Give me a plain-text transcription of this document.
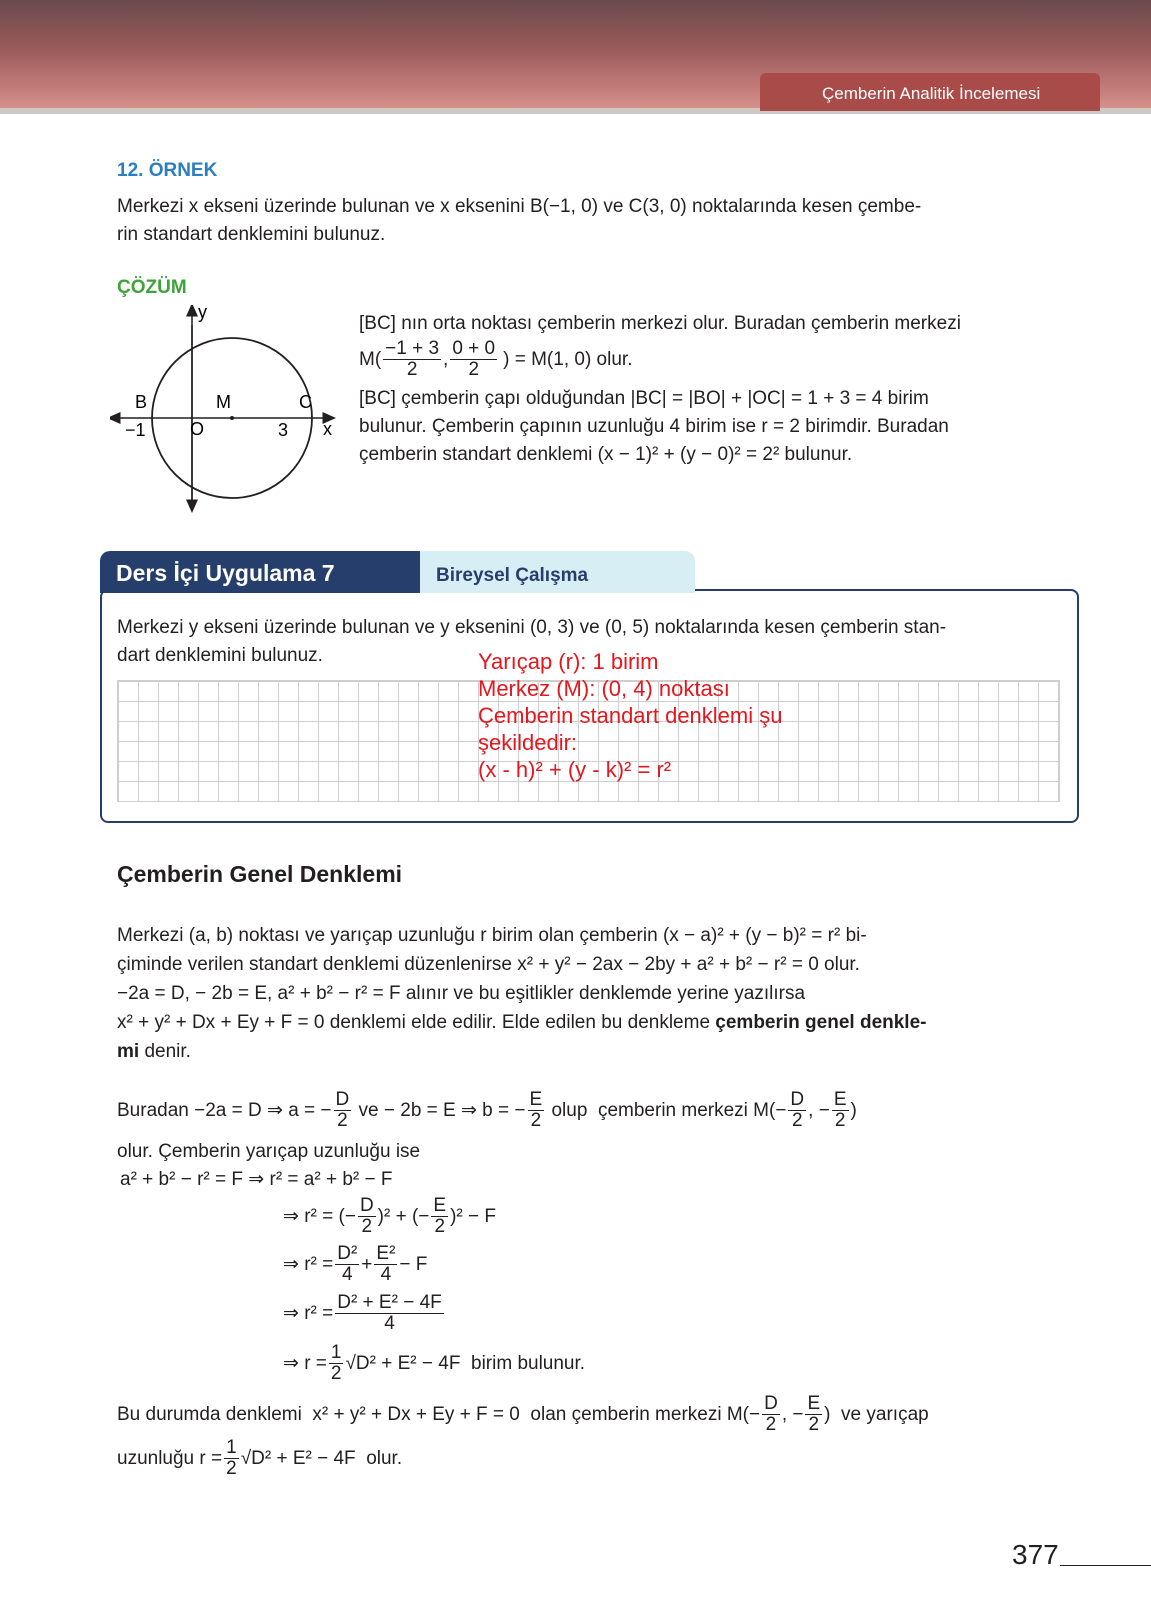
Çemberin Analitik İncelemesi
12. ÖRNEK
Merkezi x ekseni üzerinde bulunan ve x eksenini B(−1, 0) ve C(3, 0) noktalarında kesen çembe-
rin standart denklemini bulunuz.
ÇÖZÜM
y
x
B	M	C
O
−1	3
[BC] nın orta noktası çemberin merkezi olur. Buradan çemberin merkezi
$M( \frac{-1 + 3}{2}$ , $\frac{0 + 0}{2}$ ) = M(1, 0) olur.
[BC] çemberin çapı olduğundan |BC| = |BO| + |OC| = 1 + 3 = 4 birim
bulunur. Çemberin çapının uzunluğu 4 birim ise r = 2 birimdir. Buradan
çemberin standart denklemi (x − 1)² + (y − 0)² = 2² bulunur.
Ders İçi Uygulama 7	Bireysel Çalışma
Merkezi y ekseni üzerinde bulunan ve y eksenini (0, 3) ve (0, 5) noktalarında kesen çemberin stan-
dart denklemini bulunuz.	Yarıçap (r): 1 birim
Merkez (M): (0, 4) noktası
Çemberin standart denklemi şu
şekildedir:
(x - h)² + (y - k)² = r²
Çemberin Genel Denklemi
Merkezi (a, b) noktası ve yarıçap uzunluğu r birim olan çemberin (x − a)² + (y − b)² = r² bi-
çiminde verilen standart denklemi düzenlenirse x² + y² − 2ax − 2by + a² + b² − r² = 0 olur.
−2a = D, − 2b = E, a² + b² − r² = F alınır ve bu eşitlikler denklemde yerine yazılırsa
x² + y² + Dx + Ey + F = 0 denklemi elde edilir. Elde edilen bu denkleme çemberin genel denkle-
mi denir.
Buradan −2a = D ⇒ a = − $\frac{D}{2}$ ve − 2b = E ⇒ b = − $\frac{E}{2}$ olup  çemberin merkezi $M(- \frac{D}{2}$ , − $\frac{E}{2}$ )
olur. Çemberin yarıçap uzunluğu ise
a² + b² − r² = F ⇒ r² = a² + b² − F
⇒ r² = (− $\frac{D}{2} )^2$ + (− $\frac{E}{2} )^2 - F$
⇒ $r^2 = \frac{\text{D²}}{4} + \frac{\text{E²}}{4} - F$
⇒ $r^2 = \frac{\text{D² + E² − 4F}}{4}$
⇒ $r = \frac{1}{2} √D^2 + E^2 - 4F$  birim bulunur.
Bu durumda denklemi  x² + y² + Dx + Ey + F = 0  olan çemberin merkezi $M(- \frac{D}{2}$ , − $\frac{E}{2}$ )  ve yarıçap
uzunluğu $r = \frac{1}{2} √D^2 + E^2 - 4F$  olur.
377
